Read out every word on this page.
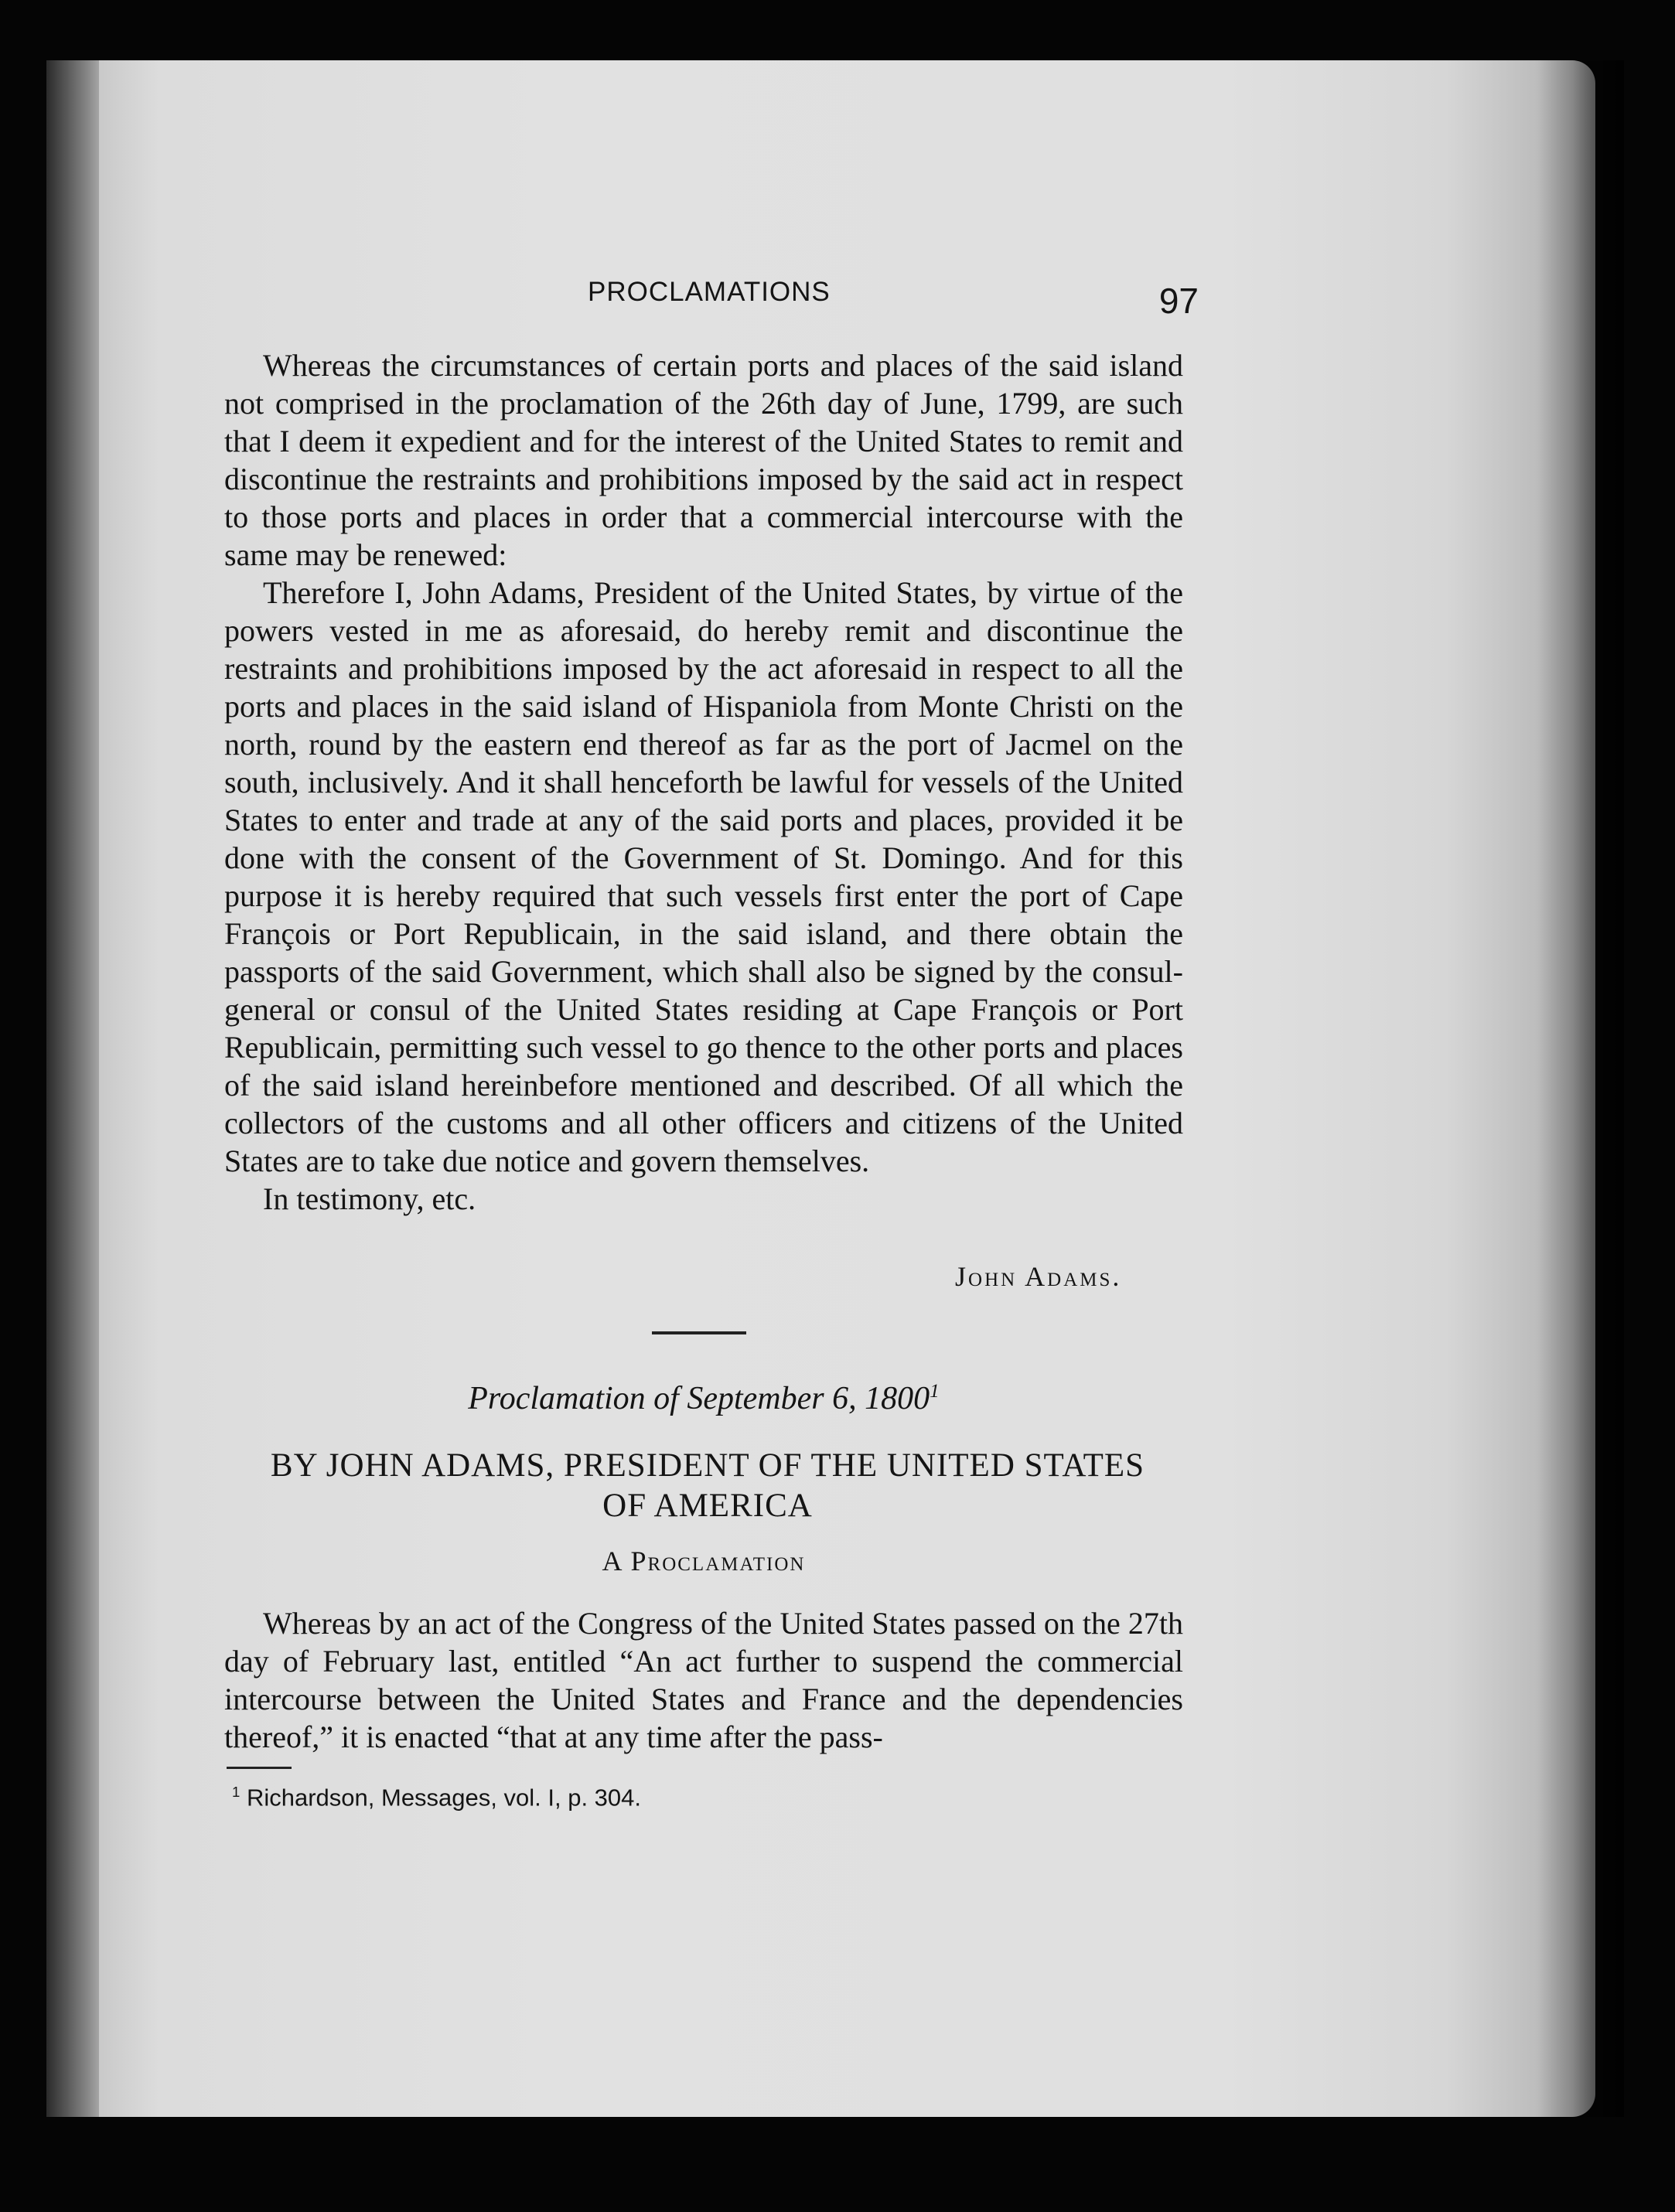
PROCLAMATIONS	97

Whereas the circumstances of certain ports and places of the said island not comprised in the proclamation of the 26th day of June, 1799, are such that I deem it expedient and for the interest of the United States to remit and discontinue the restraints and prohibitions imposed by the said act in respect to those ports and places in order that a commercial intercourse with the same may be renewed:

Therefore I, John Adams, President of the United States, by virtue of the powers vested in me as aforesaid, do hereby remit and discontinue the restraints and prohibitions imposed by the act aforesaid in respect to all the ports and places in the said island of Hispaniola from Monte Christi on the north, round by the eastern end thereof as far as the port of Jacmel on the south, inclusively. And it shall henceforth be lawful for vessels of the United States to enter and trade at any of the said ports and places, provided it be done with the consent of the Government of St. Domingo. And for this purpose it is hereby required that such vessels first enter the port of Cape François or Port Republicain, in the said island, and there obtain the passports of the said Government, which shall also be signed by the consul-general or consul of the United States residing at Cape François or Port Republicain, permitting such vessel to go thence to the other ports and places of the said island hereinbefore mentioned and described. Of all which the collectors of the customs and all other officers and citizens of the United States are to take due notice and govern themselves.

In testimony, etc.

John Adams.
Proclamation of September 6, 1800$^1$
BY JOHN ADAMS, PRESIDENT OF THE UNITED STATES
OF AMERICA
A Proclamation

Whereas by an act of the Congress of the United States passed on the 27th day of February last, entitled “An act further to suspend the commercial intercourse between the United States and France and the dependencies thereof,” it is enacted “that at any time after the pass-

$^1$ Richardson, Messages, vol. I, p. 304.
